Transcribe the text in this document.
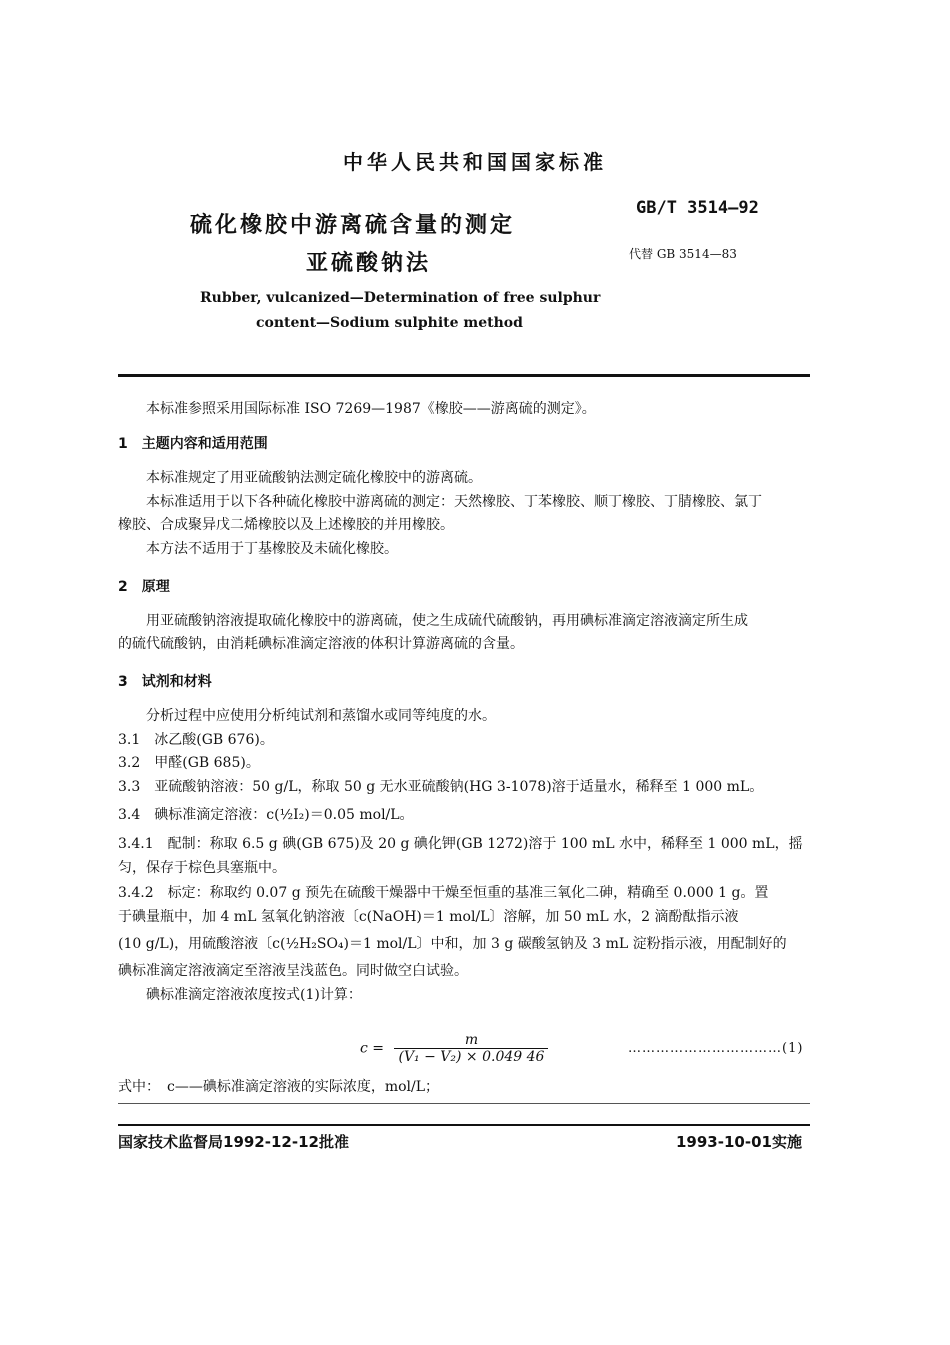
中华人民共和国国家标准
硫化橡胶中游离硫含量的测定
亚硫酸钠法
GB/T 3514—92
代替 GB 3514—83
Rubber, vulcanized—Determination of free sulphur
content—Sodium sulphite method
本标准参照采用国际标准 ISO 7269—1987《橡胶——游离硫的测定》。
1　主题内容和适用范围
本标准规定了用亚硫酸钠法测定硫化橡胶中的游离硫。
本标准适用于以下各种硫化橡胶中游离硫的测定：天然橡胶、丁苯橡胶、顺丁橡胶、丁腈橡胶、氯丁
橡胶、合成聚异戊二烯橡胶以及上述橡胶的并用橡胶。
本方法不适用于丁基橡胶及未硫化橡胶。
2　原理
用亚硫酸钠溶液提取硫化橡胶中的游离硫，使之生成硫代硫酸钠，再用碘标准滴定溶液滴定所生成
的硫代硫酸钠，由消耗碘标准滴定溶液的体积计算游离硫的含量。
3　试剂和材料
分析过程中应使用分析纯试剂和蒸馏水或同等纯度的水。
3.1　冰乙酸(GB 676)。
3.2　甲醛(GB 685)。
3.3　亚硫酸钠溶液：50 g/L，称取 50 g 无水亚硫酸钠(HG 3-1078)溶于适量水，稀释至 1 000 mL。
3.4　碘标准滴定溶液：c(½I₂)＝0.05 mol/L。
3.4.1　配制：称取 6.5 g 碘(GB 675)及 20 g 碘化钾(GB 1272)溶于 100 mL 水中，稀释至 1 000 mL，摇
匀，保存于棕色具塞瓶中。
3.4.2　标定：称取约 0.07 g 预先在硫酸干燥器中干燥至恒重的基准三氧化二砷，精确至 0.000 1 g。置
于碘量瓶中，加 4 mL 氢氧化钠溶液〔c(NaOH)＝1 mol/L〕溶解，加 50 mL 水，2 滴酚酞指示液
(10 g/L)，用硫酸溶液〔c(½H₂SO₄)＝1 mol/L〕中和，加 3 g 碳酸氢钠及 3 mL 淀粉指示液，用配制好的
碘标准滴定溶液滴定至溶液呈浅蓝色。同时做空白试验。
碘标准滴定溶液浓度按式(1)计算：
$c = \frac{m}{\text{(V₁ − V₂) × 0.049 46}}$	……………………………(1)
式中：　c——碘标准滴定溶液的实际浓度，mol/L；
国家技术监督局1992-12-12批准	1993-10-01实施
